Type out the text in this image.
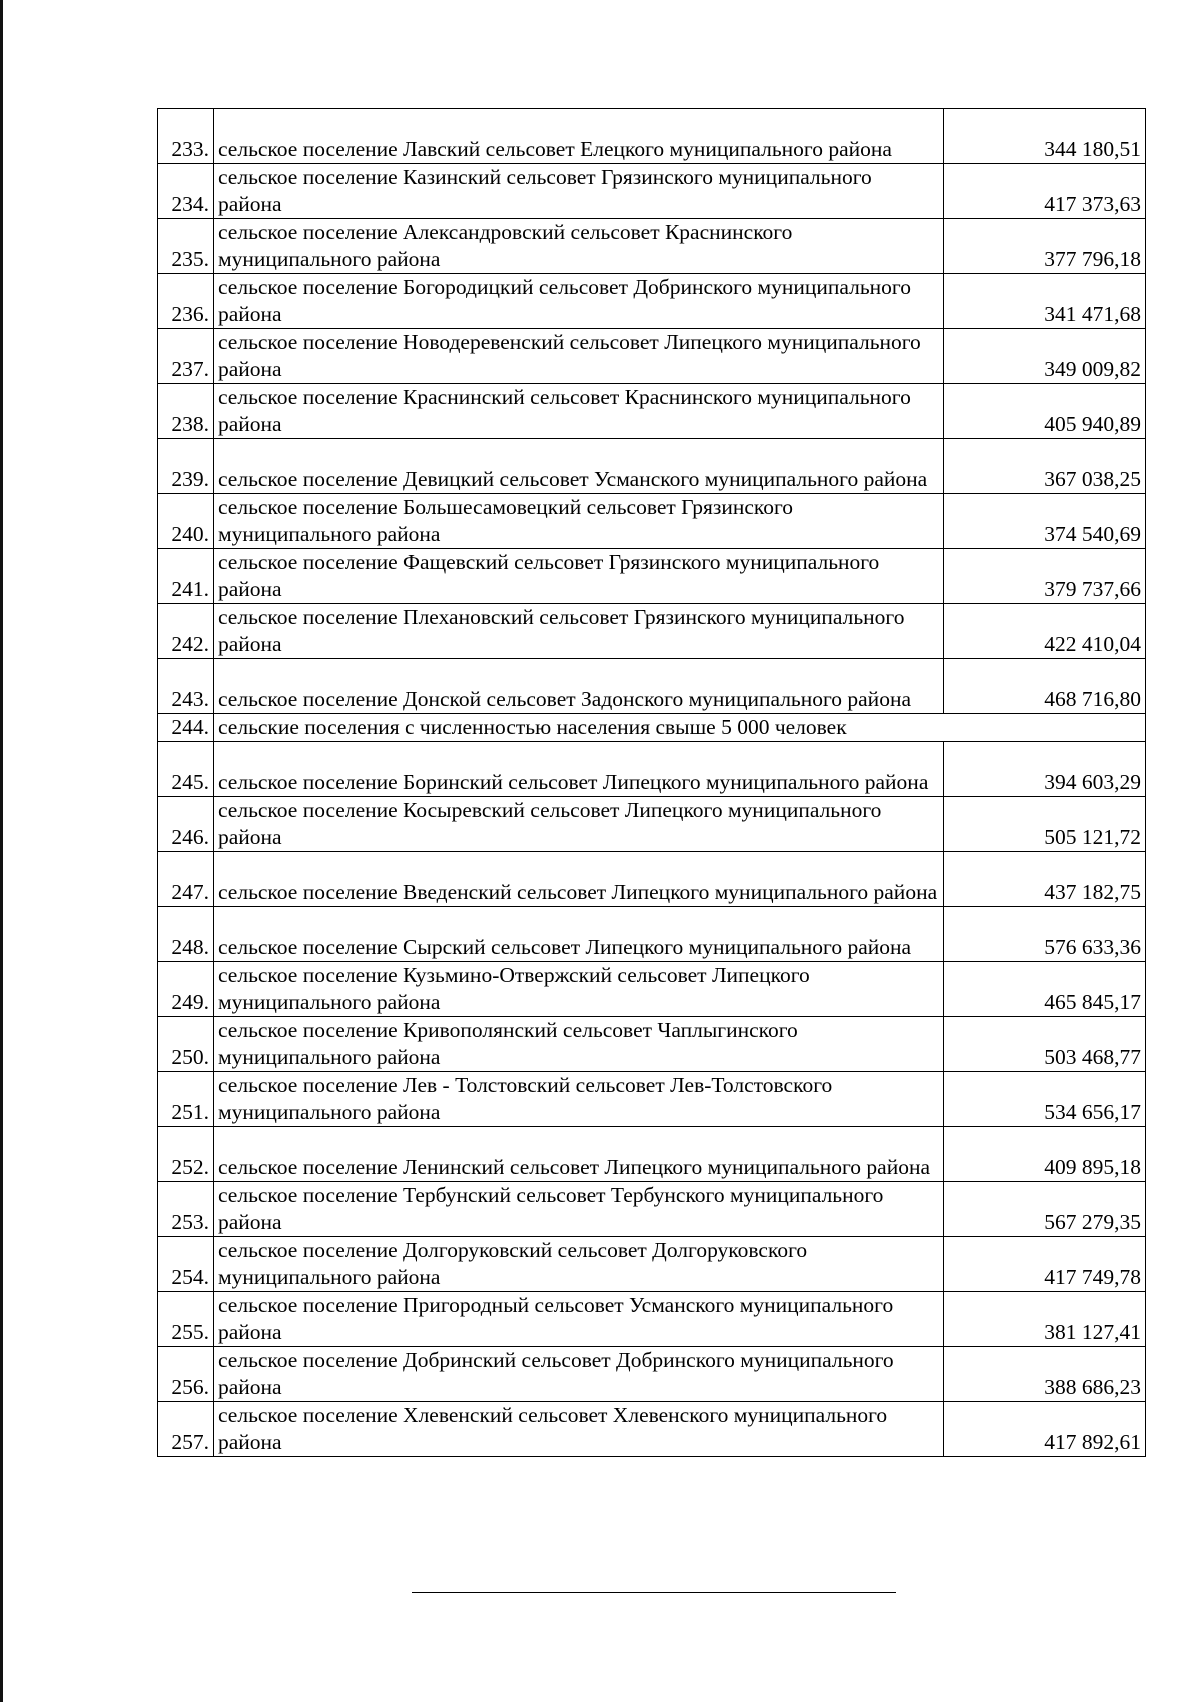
233.	сельское поселение Лавский сельсовет Елецкого муниципального района	344 180,51
234.	сельское поселение Казинский сельсовет Грязинского муниципального района	417 373,63
235.	сельское поселение Александровский сельсовет Краснинского муниципального района	377 796,18
236.	сельское поселение Богородицкий сельсовет Добринского муниципального района	341 471,68
237.	сельское поселение Новодеревенский сельсовет Липецкого муниципального района	349 009,82
238.	сельское поселение Краснинский сельсовет Краснинского муниципального района	405 940,89
239.	сельское поселение Девицкий сельсовет Усманского муниципального района	367 038,25
240.	сельское поселение Большесамовецкий сельсовет Грязинского муниципального района	374 540,69
241.	сельское поселение Фащевский сельсовет Грязинского муниципального района	379 737,66
242.	сельское поселение Плехановский сельсовет Грязинского муниципального района	422 410,04
243.	сельское поселение Донской сельсовет Задонского муниципального района	468 716,80
244.	сельские поселения с численностью населения свыше 5 000 человек	
245.	сельское поселение Боринский сельсовет Липецкого муниципального района	394 603,29
246.	сельское поселение Косыревский сельсовет Липецкого муниципального района	505 121,72
247.	сельское поселение Введенский сельсовет Липецкого муниципального района	437 182,75
248.	сельское поселение Сырский сельсовет Липецкого муниципального района	576 633,36
249.	сельское поселение Кузьмино-Отвержский сельсовет Липецкого муниципального района	465 845,17
250.	сельское поселение Кривополянский сельсовет Чаплыгинского муниципального района	503 468,77
251.	сельское поселение Лев - Толстовский сельсовет Лев-Толстовского муниципального района	534 656,17
252.	сельское поселение Ленинский сельсовет Липецкого муниципального района	409 895,18
253.	сельское поселение Тербунский сельсовет Тербунского муниципального района	567 279,35
254.	сельское поселение Долгоруковский сельсовет Долгоруковского муниципального района	417 749,78
255.	сельское поселение Пригородный сельсовет Усманского муниципального района	381 127,41
256.	сельское поселение Добринский сельсовет Добринского муниципального района	388 686,23
257.	сельское поселение Хлевенский сельсовет Хлевенского муниципального района	417 892,61
